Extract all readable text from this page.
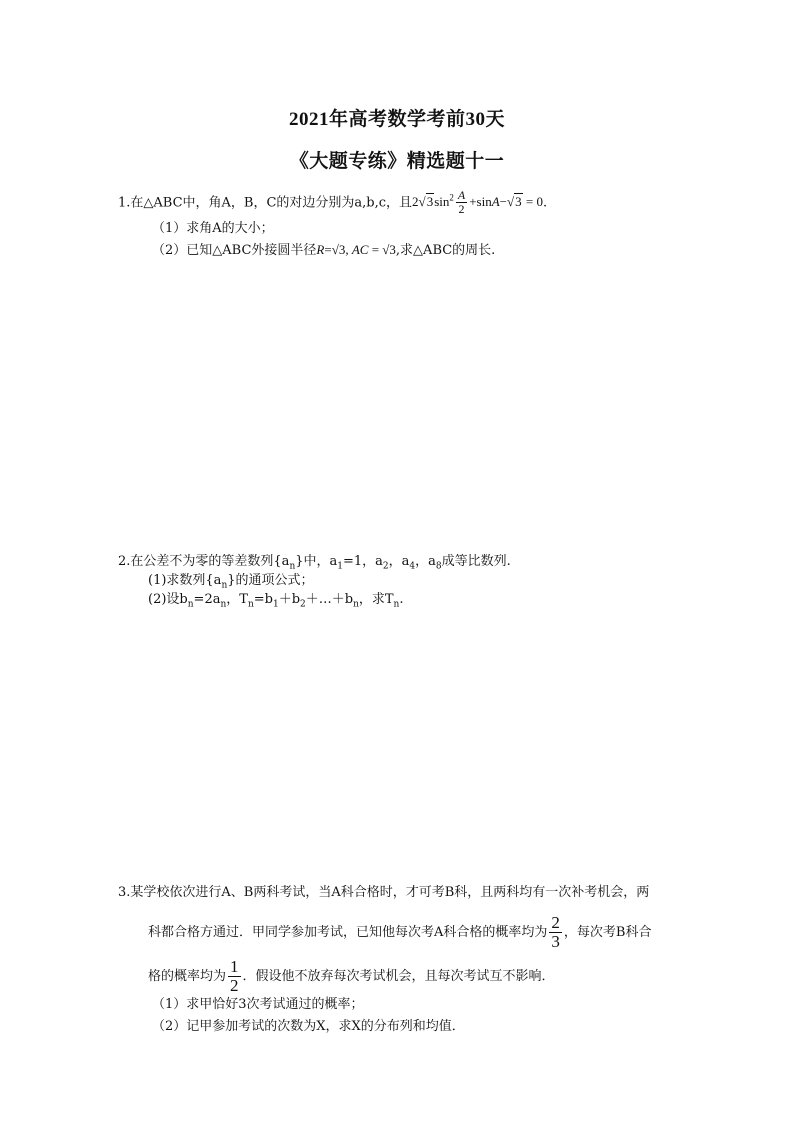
2021年高考数学考前30天
《大题专练》精选题十一
1.在△ABC中，角A，B，C的对边分别为a,b,c，且$2√3\sin^2 \frac{A}{2} +\sin A-√3 = 0$.
（1）求角A的大小；
（2）已知△ABC外接圆半径R=√3, AC = √3,求△ABC的周长.
2.在公差不为零的等差数列$\{a_n\}$中，$a_1=1$，$a_2$，$a_4$，$a_8$成等比数列.
(1)求数列$\{a_n\}$的通项公式；
(2)设$b_n=2a_n$，$T_n=b_1+b_2+\dots+b_n$，求$T_n$.
3.某学校依次进行A、B两科考试，当A科合格时，才可考B科，且两科均有一次补考机会，两
科都合格方通过．甲同学参加考试，已知他每次考A科合格的概率均为 $\frac{2}{3}$ ，每次考B科合
格的概率均为 $\frac{1}{2}$ ．假设他不放弃每次考试机会，且每次考试互不影响．
（1）求甲恰好3次考试通过的概率；
（2）记甲参加考试的次数为X，求X的分布列和均值．
